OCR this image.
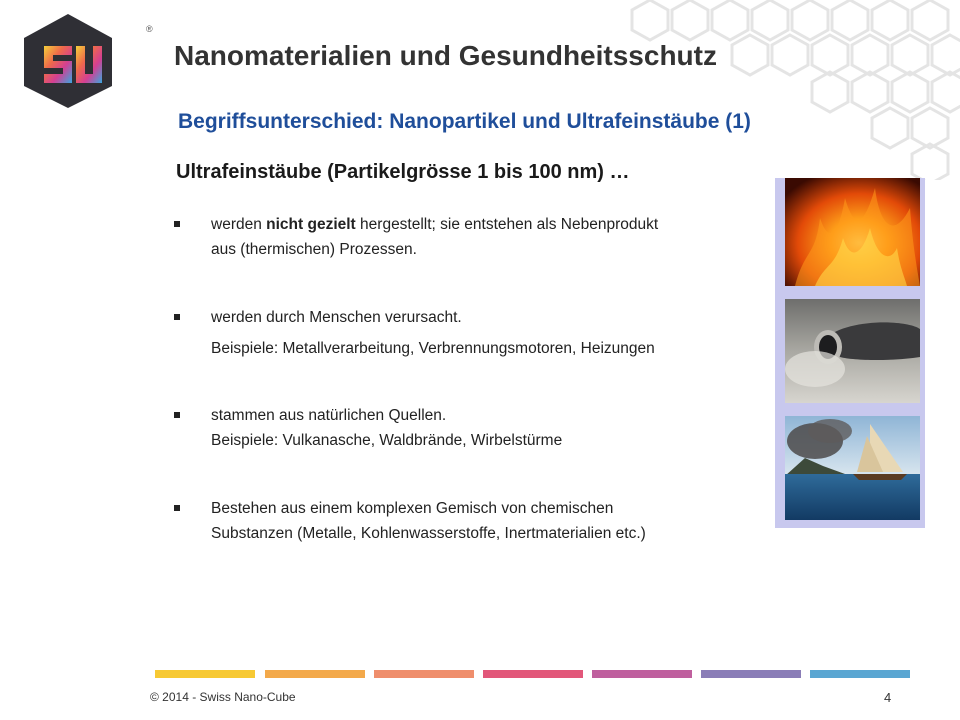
swiss
nano
cube
®
Nanomaterialien und Gesundheitsschutz
Begriffsunterschied: Nanopartikel und Ultrafeinstäube (1)
Ultrafeinstäube (Partikelgrösse 1 bis 100 nm) …
werden nicht gezielt hergestellt; sie entstehen als Nebenprodukt
aus (thermischen) Prozessen.
werden durch Menschen verursacht.
Beispiele: Metallverarbeitung, Verbrennungsmotoren, Heizungen
stammen aus natürlichen Quellen.
Beispiele: Vulkanasche, Waldbrände, Wirbelstürme
Bestehen aus einem komplexen Gemisch von chemischen
Substanzen (Metalle, Kohlenwasserstoffe, Inertmaterialien etc.)
© 2014 - Swiss Nano-Cube	4
